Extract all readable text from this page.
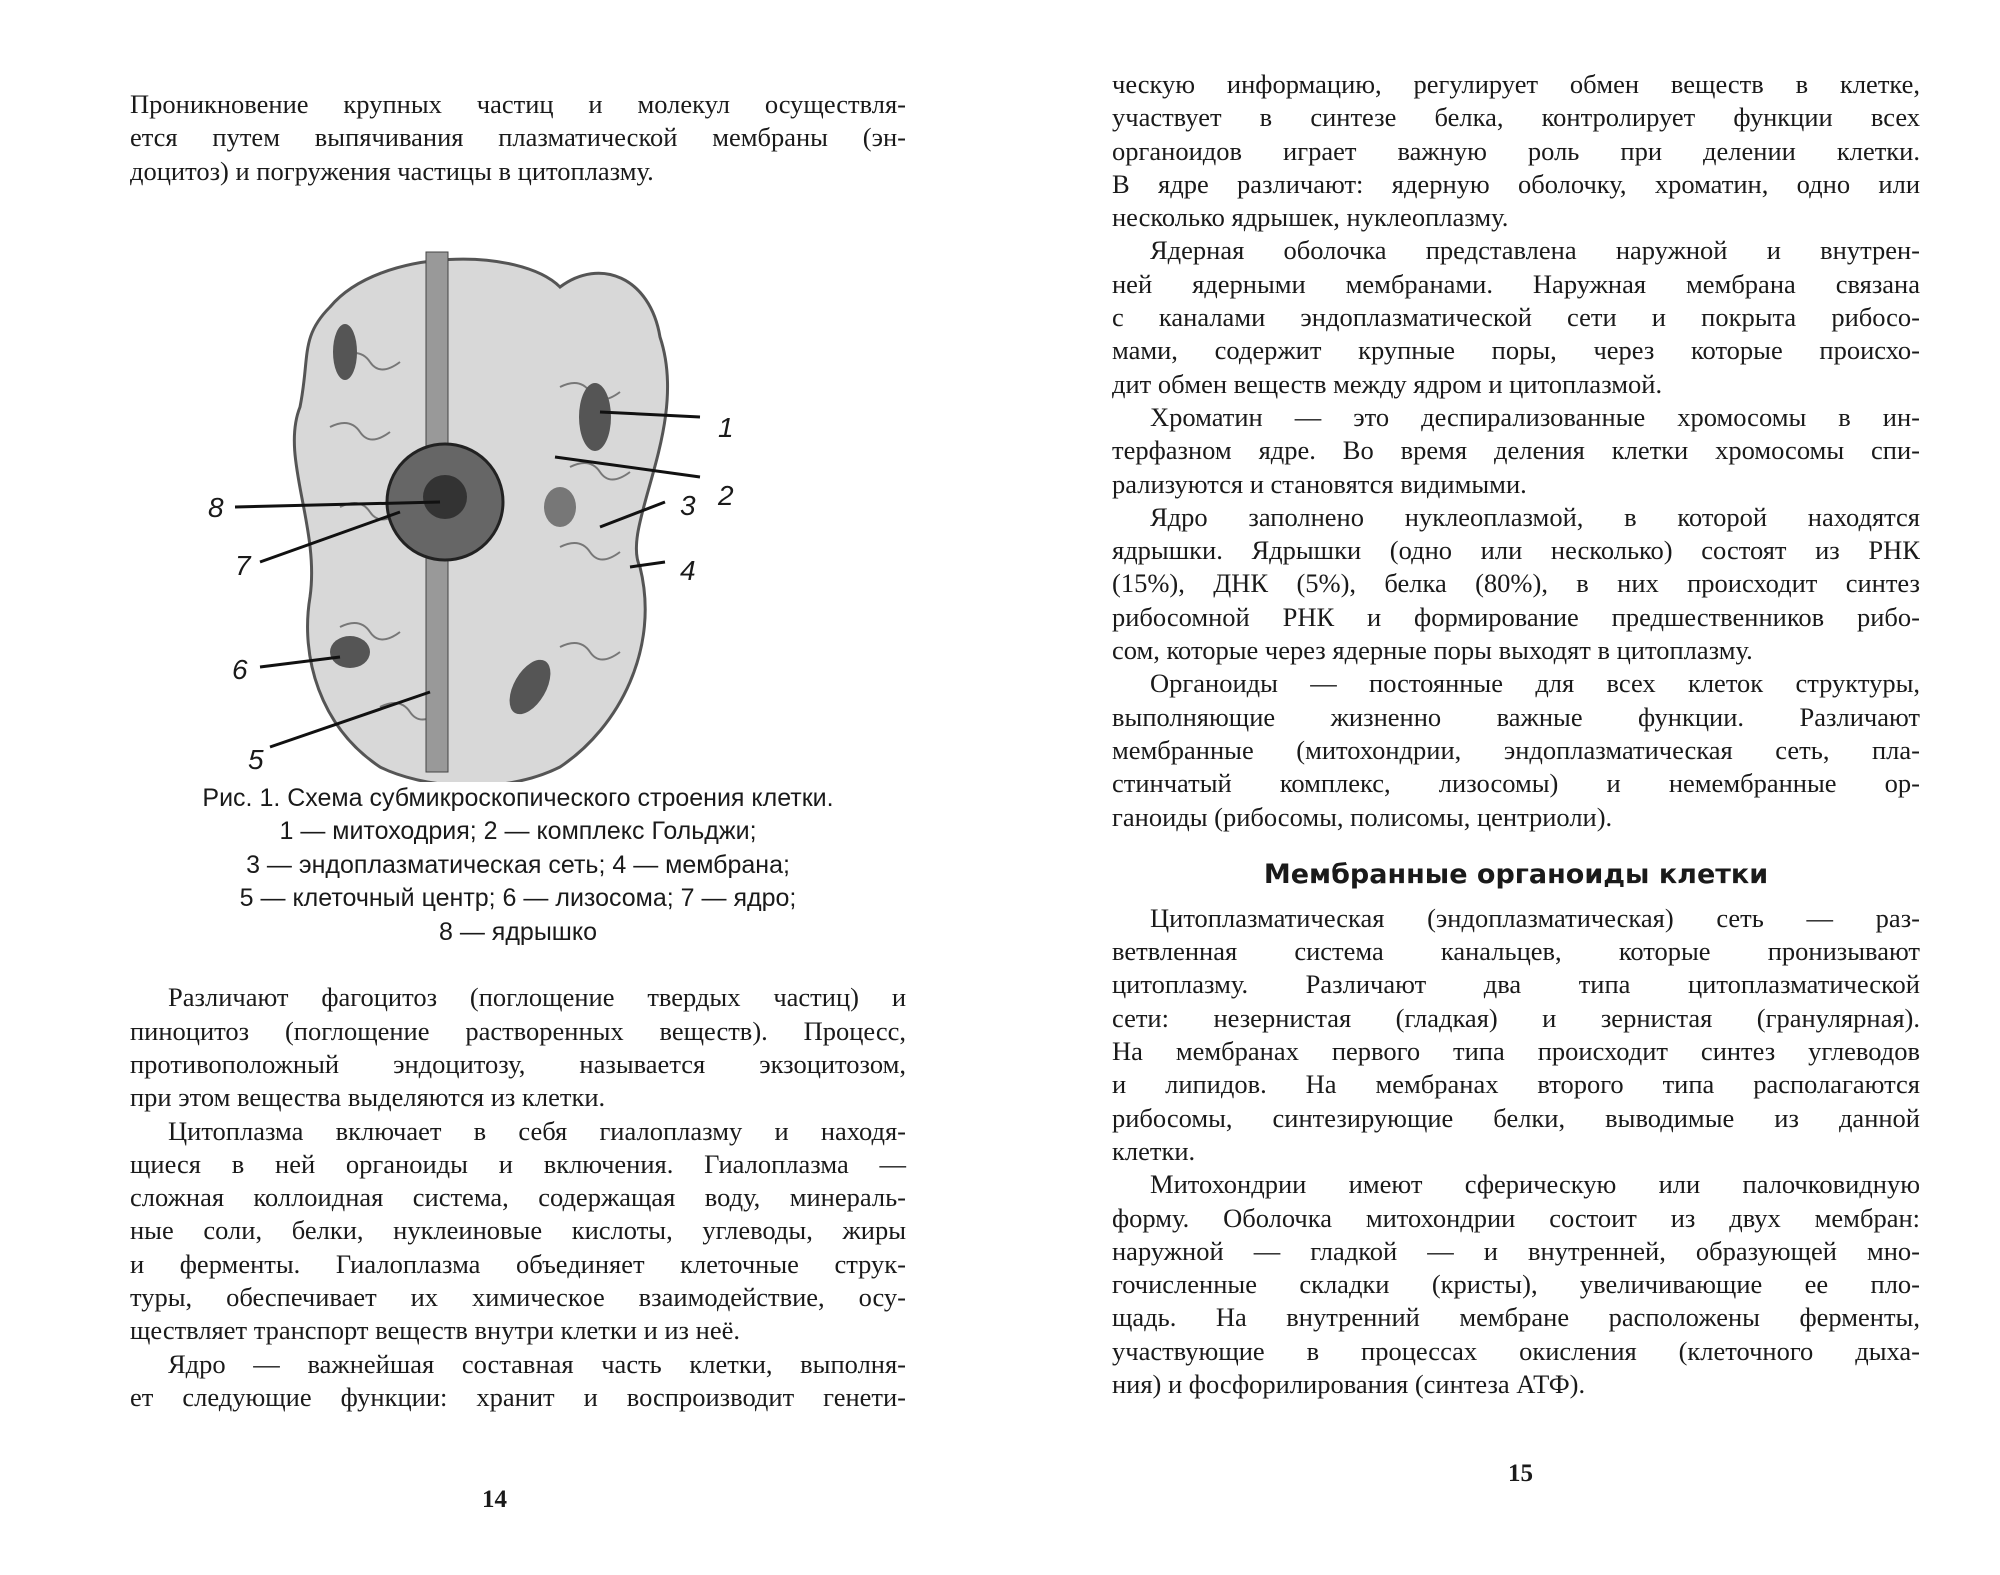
Проникновение крупных частиц и молекул осуществля-
ется путем выпячивания плазматической мембраны (эн-
доцитоз) и погружения частицы в цитоплазму.
1
2
3
4
5
6
7
8
Рис. 1. Схема субмикроскопического строения клетки.
1 — митоходрия; 2 — комплекс Гольджи;
3 — эндоплазматическая сеть; 4 — мембрана;
5 — клеточный центр; 6 — лизосома; 7 — ядро;
8 — ядрышко
Различают фагоцитоз (поглощение твердых частиц) и
пиноцитоз (поглощение растворенных веществ). Процесс,
противоположный эндоцитозу, называется экзоцитозом,
при этом вещества выделяются из клетки.
Цитоплазма включает в себя гиалоплазму и находя-
щиеся в ней органоиды и включения. Гиалоплазма —
сложная коллоидная система, содержащая воду, минераль-
ные соли, белки, нуклеиновые кислоты, углеводы, жиры
и ферменты. Гиалоплазма объединяет клеточные струк-
туры, обеспечивает их химическое взаимодействие, осу-
ществляет транспорт веществ внутри клетки и из неё.
Ядро — важнейшая составная часть клетки, выполня-
ет следующие функции: хранит и воспроизводит генети-
14
ческую информацию, регулирует обмен веществ в клетке,
участвует в синтезе белка, контролирует функции всех
органоидов играет важную роль при делении клетки.
В ядре различают: ядерную оболочку, хроматин, одно или
несколько ядрышек, нуклеоплазму.
Ядерная оболочка представлена наружной и внутрен-
ней ядерными мембранами. Наружная мембрана связана
с каналами эндоплазматической сети и покрыта рибосо-
мами, содержит крупные поры, через которые происхо-
дит обмен веществ между ядром и цитоплазмой.
Хроматин — это деспирализованные хромосомы в ин-
терфазном ядре. Во время деления клетки хромосомы спи-
рализуются и становятся видимыми.
Ядро заполнено нуклеоплазмой, в которой находятся
ядрышки. Ядрышки (одно или несколько) состоят из РНК
(15%), ДНК (5%), белка (80%), в них происходит синтез
рибосомной РНК и формирование предшественников рибо-
сом, которые через ядерные поры выходят в цитоплазму.
Органоиды — постоянные для всех клеток структуры,
выполняющие жизненно важные функции. Различают
мембранные (митохондрии, эндоплазматическая сеть, пла-
стинчатый комплекс, лизосомы) и немембранные ор-
ганоиды (рибосомы, полисомы, центриоли).
Мембранные органоиды клетки
Цитоплазматическая (эндоплазматическая) сеть — раз-
ветвленная система канальцев, которые пронизывают
цитоплазму. Различают два типа цитоплазматической
сети: незернистая (гладкая) и зернистая (гранулярная).
На мембранах первого типа происходит синтез углеводов
и липидов. На мембранах второго типа располагаются
рибосомы, синтезирующие белки, выводимые из данной
клетки.
Митохондрии имеют сферическую или палочковидную
форму. Оболочка митохондрии состоит из двух мембран:
наружной — гладкой — и внутренней, образующей мно-
гочисленные складки (кристы), увеличивающие ее пло-
щадь. На внутренний мембране расположены ферменты,
участвующие в процессах окисления (клеточного дыха-
ния) и фосфорилирования (синтеза АТФ).
15
